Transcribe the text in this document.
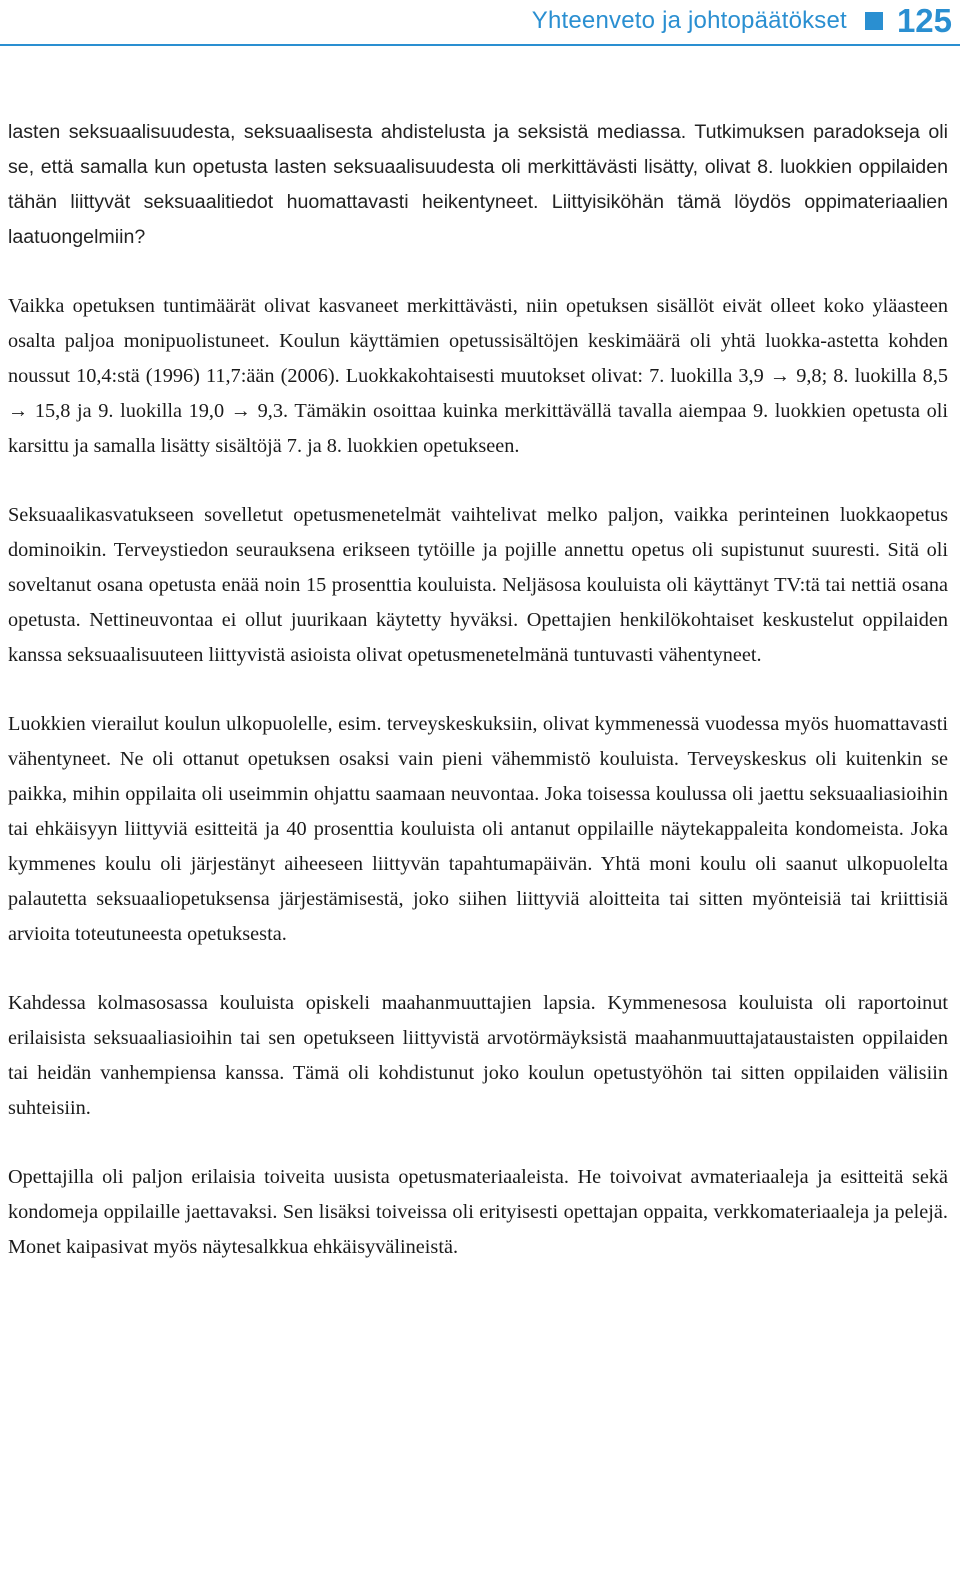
Yhteenveto ja johtopäätökset 125

lasten seksuaalisuudesta, seksuaalisesta ahdistelusta ja seksistä mediassa. Tutkimuksen paradokseja oli se, että samalla kun opetusta lasten seksuaalisuudesta oli merkittävästi lisätty, olivat 8. luokkien oppilaiden tähän liittyvät seksuaalitiedot huomattavasti heikentyneet. Liittyisiköhän tämä löydös oppimateriaalien laatuongelmiin?

Vaikka opetuksen tuntimäärät olivat kasvaneet merkittävästi, niin opetuksen sisällöt eivät olleet koko yläasteen osalta paljoa monipuolistuneet. Koulun käyttämien opetussisältöjen keskimäärä oli yhtä luokka-astetta kohden noussut 10,4:stä (1996) 11,7:ään (2006). Luokkakohtaisesti muutokset olivat: 7. luokilla 3,9 → 9,8; 8. luokilla 8,5 → 15,8 ja 9. luokilla 19,0 → 9,3. Tämäkin osoittaa kuinka merkittävällä tavalla aiempaa 9. luokkien opetusta oli karsittu ja samalla lisätty sisältöjä 7. ja 8. luokkien opetukseen.

Seksuaalikasvatukseen sovelletut opetusmenetelmät vaihtelivat melko paljon, vaikka perinteinen luokkaopetus dominoikin. Terveystiedon seurauksena erikseen tytöille ja pojille annettu opetus oli supistunut suuresti. Sitä oli soveltanut osana opetusta enää noin 15 prosenttia kouluista. Neljäsosa kouluista oli käyttänyt TV:tä tai nettiä osana opetusta. Nettineuvontaa ei ollut juurikaan käytetty hyväksi. Opettajien henkilökohtaiset keskustelut oppilaiden kanssa seksuaalisuuteen liittyvistä asioista olivat opetusmenetelmänä tuntuvasti vähentyneet.

Luokkien vierailut koulun ulkopuolelle, esim. terveyskeskuksiin, olivat kymmenessä vuodessa myös huomattavasti vähentyneet. Ne oli ottanut opetuksen osaksi vain pieni vähemmistö kouluista. Terveyskeskus oli kuitenkin se paikka, mihin oppilaita oli useimmin ohjattu saamaan neuvontaa. Joka toisessa koulussa oli jaettu seksuaaliasioihin tai ehkäisyyn liittyviä esitteitä ja 40 prosenttia kouluista oli antanut oppilaille näytekappaleita kondomeista. Joka kymmenes koulu oli järjestänyt aiheeseen liittyvän tapahtumapäivän. Yhtä moni koulu oli saanut ulkopuolelta palautetta seksuaaliopetuksensa järjestämisestä, joko siihen liittyviä aloitteita tai sitten myönteisiä tai kriittisiä arvioita toteutuneesta opetuksesta.

Kahdessa kolmasosassa kouluista opiskeli maahanmuuttajien lapsia. Kymmenesosa kouluista oli raportoinut erilaisista seksuaaliasioihin tai sen opetukseen liittyvistä arvotörmäyksistä maahanmuuttajataustaisten oppilaiden tai heidän vanhempiensa kanssa. Tämä oli kohdistunut joko koulun opetustyöhön tai sitten oppilaiden välisiin suhteisiin.

Opettajilla oli paljon erilaisia toiveita uusista opetusmateriaaleista. He toivoivat avmateriaaleja ja esitteitä sekä kondomeja oppilaille jaettavaksi. Sen lisäksi toiveissa oli erityisesti opettajan oppaita, verkkomateriaaleja ja pelejä. Monet kaipasivat myös näytesalkkua ehkäisyvälineistä.
